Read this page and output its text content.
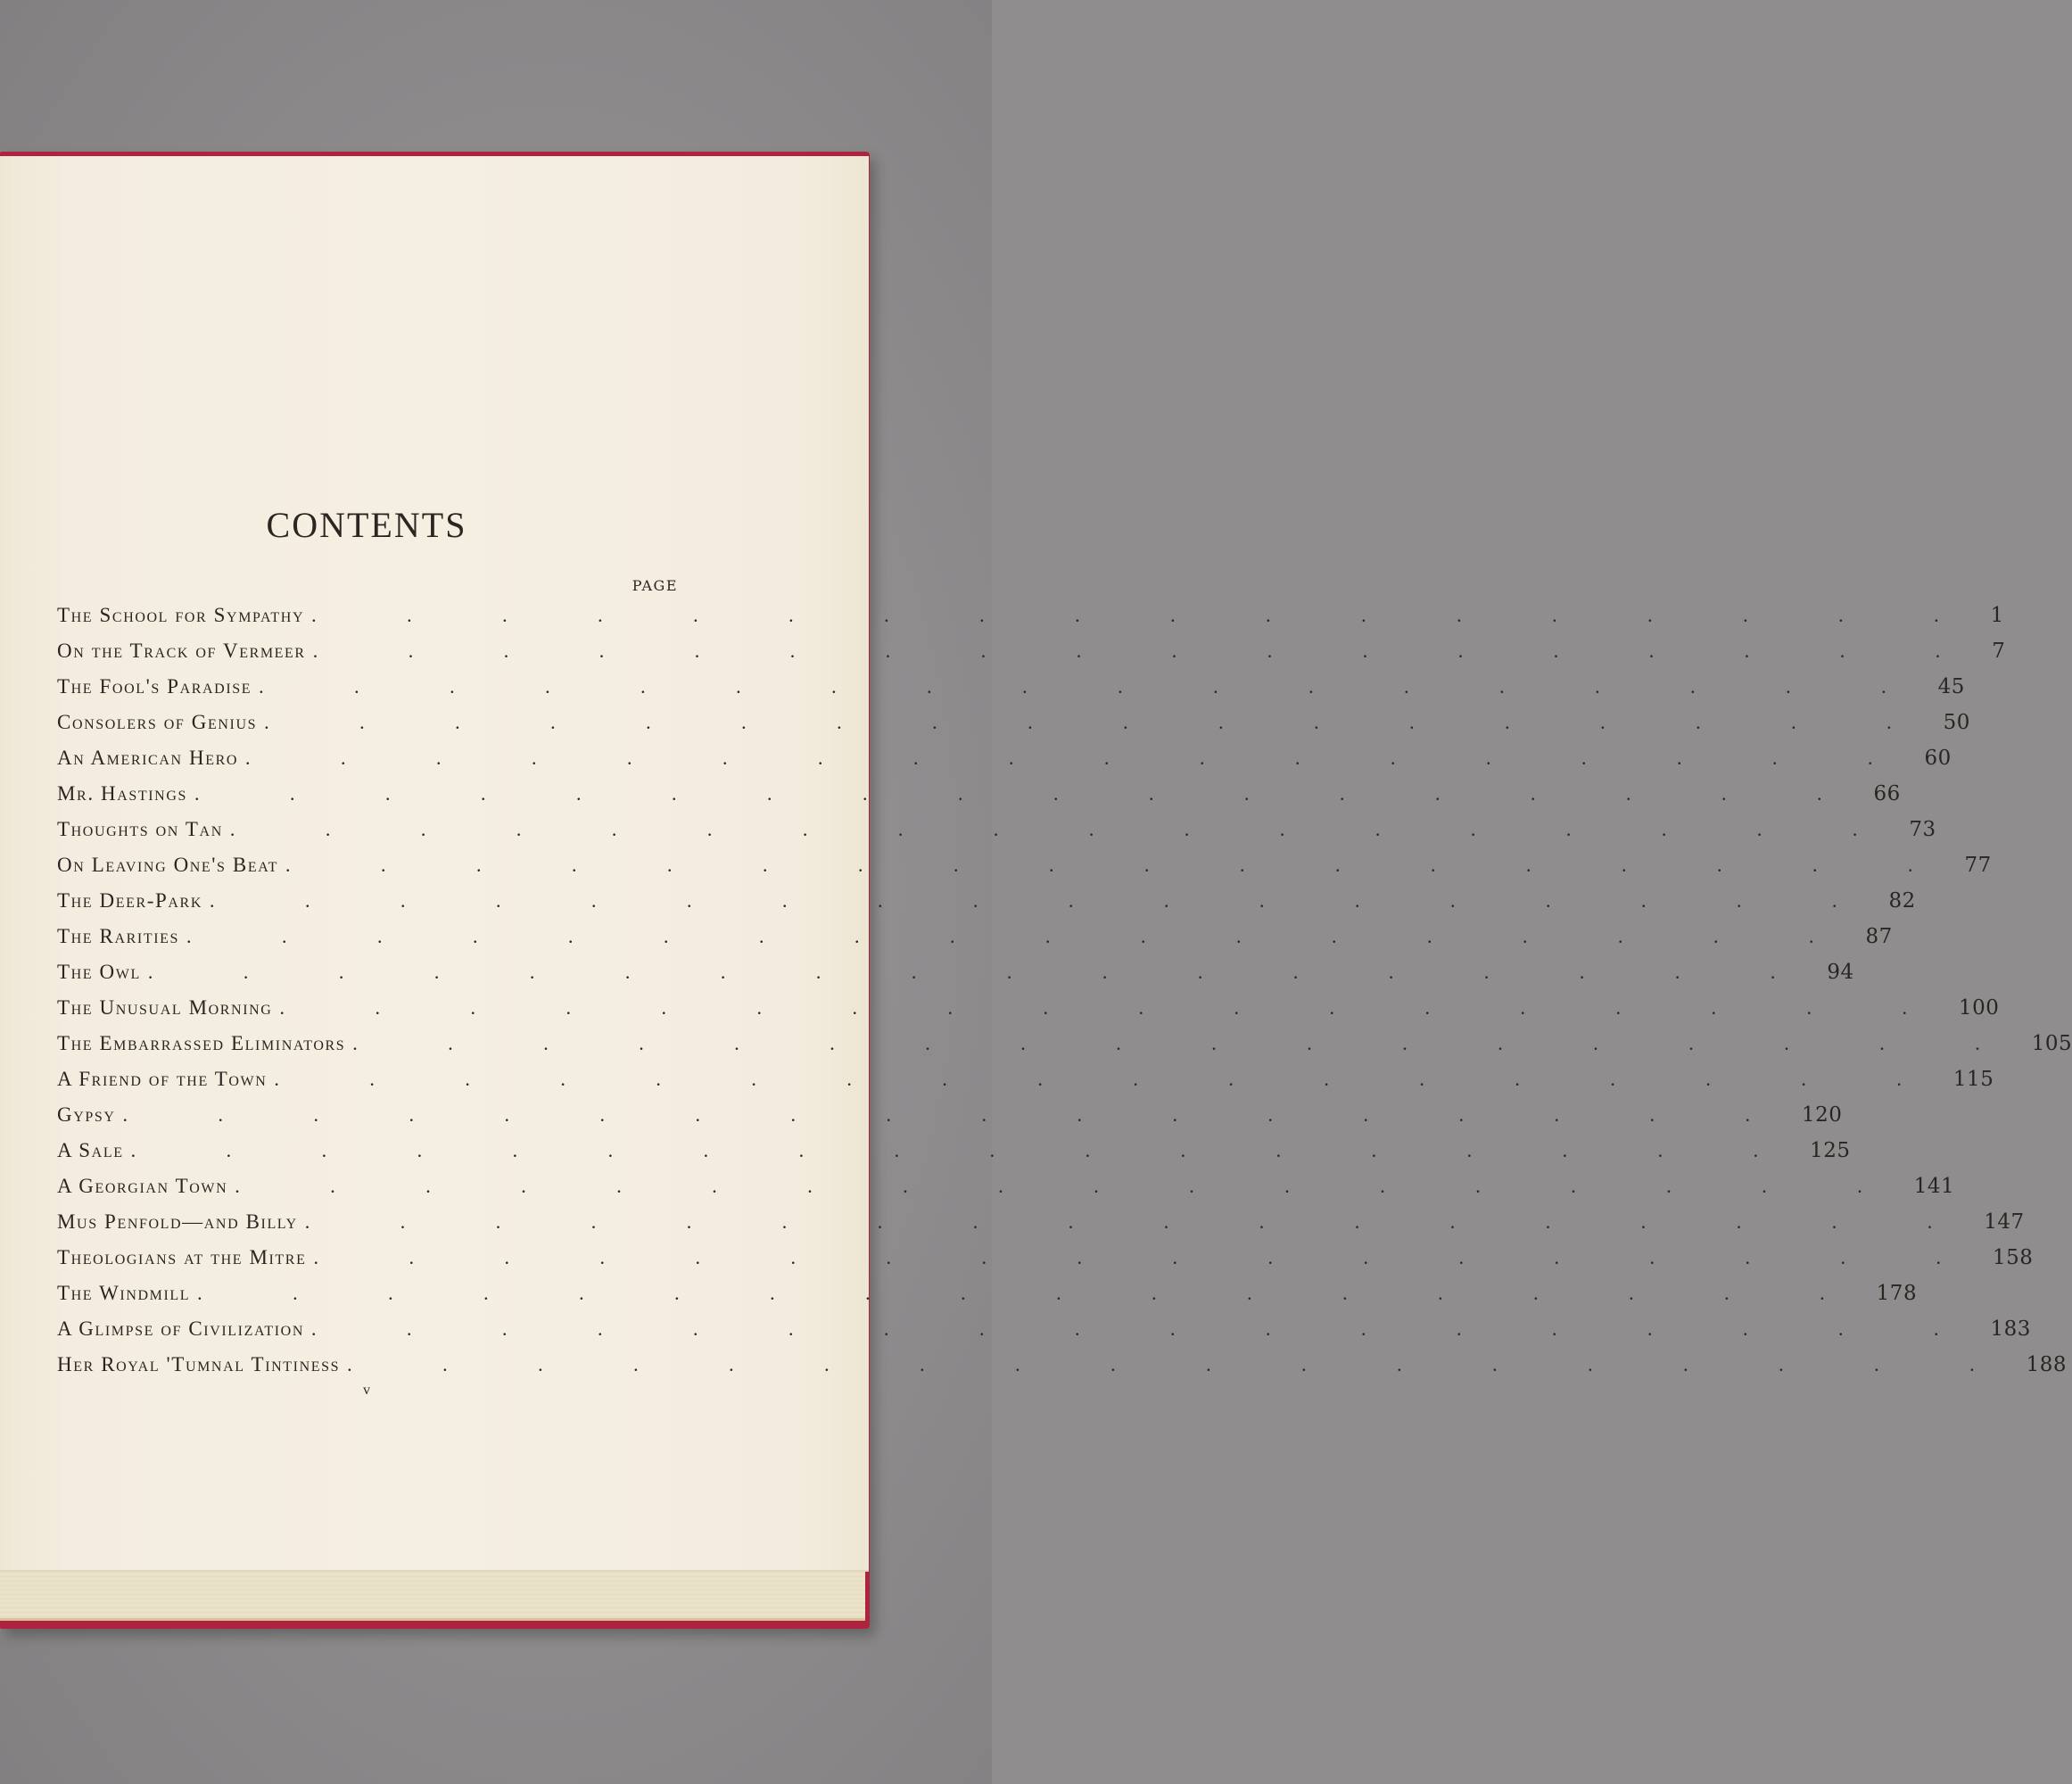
CONTENTS
PAGE
The School for Sympathy . . . . . . . . . . . . . . . . . . 1
On the Track of Vermeer . . . . . . . . . . . . . . . . . . 7
The Fool's Paradise . . . . . . . . . . . . . . . . . . 45
Consolers of Genius . . . . . . . . . . . . . . . . . . 50
An American Hero . . . . . . . . . . . . . . . . . . 60
Mr. Hastings . . . . . . . . . . . . . . . . . . 66
Thoughts on Tan . . . . . . . . . . . . . . . . . . 73
On Leaving One's Beat . . . . . . . . . . . . . . . . . . 77
The Deer-Park . . . . . . . . . . . . . . . . . . 82
The Rarities . . . . . . . . . . . . . . . . . . 87
The Owl . . . . . . . . . . . . . . . . . . 94
The Unusual Morning . . . . . . . . . . . . . . . . . . 100
The Embarrassed Eliminators . . . . . . . . . . . . . . . . . . 105
A Friend of the Town . . . . . . . . . . . . . . . . . . 115
Gypsy . . . . . . . . . . . . . . . . . . 120
A Sale . . . . . . . . . . . . . . . . . . 125
A Georgian Town . . . . . . . . . . . . . . . . . . 141
Mus Penfold—and Billy . . . . . . . . . . . . . . . . . . 147
Theologians at the Mitre . . . . . . . . . . . . . . . . . . 158
The Windmill . . . . . . . . . . . . . . . . . . 178
A Glimpse of Civilization . . . . . . . . . . . . . . . . . . 183
Her Royal 'Tumnal Tintiness . . . . . . . . . . . . . . . . . . 188
v
